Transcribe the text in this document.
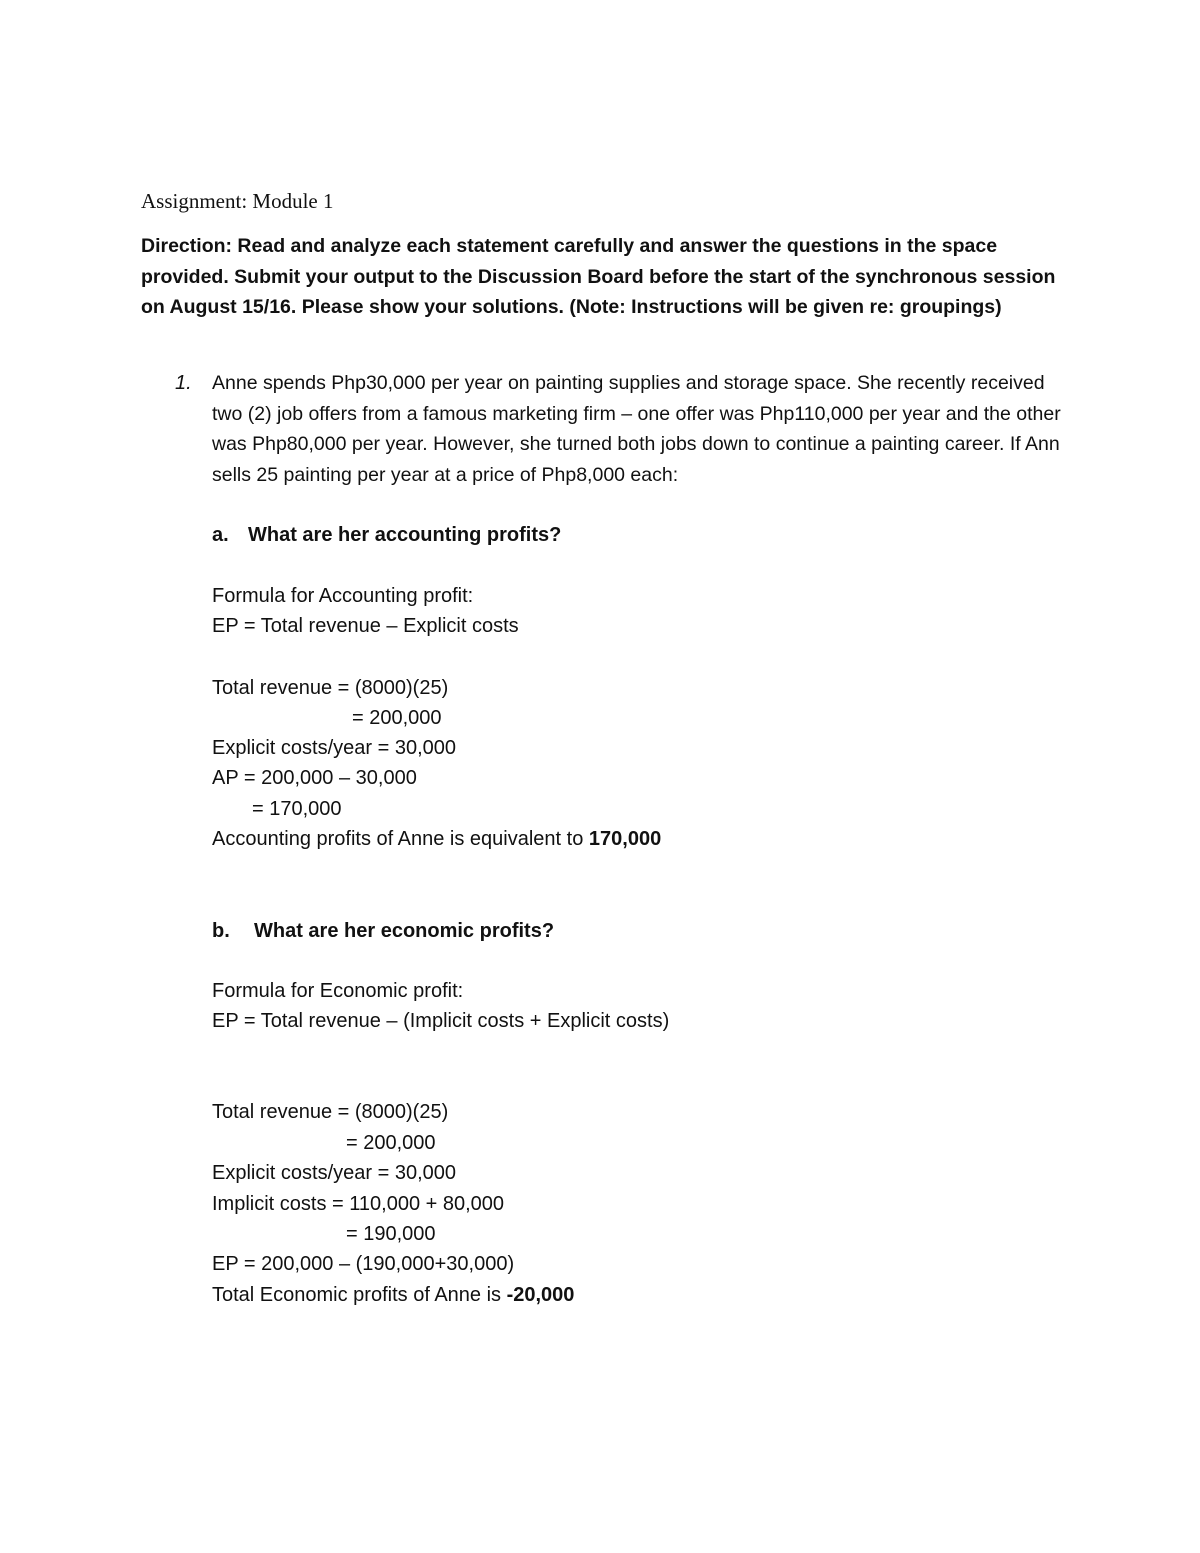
Assignment: Module 1
Direction: Read and analyze each statement carefully and answer the questions in the space provided. Submit your output to the Discussion Board before the start of the synchronous session on August 15/16. Please show your solutions. (Note: Instructions will be given re: groupings)
1. Anne spends Php30,000 per year on painting supplies and storage space. She recently received two (2) job offers from a famous marketing firm – one offer was Php110,000 per year and the other was Php80,000 per year. However, she turned both jobs down to continue a painting career. If Ann sells 25 painting per year at a price of Php8,000 each:
a. What are her accounting profits?
Formula for Accounting profit:
EP = Total revenue – Explicit costs
Total revenue = (8000)(25)
= 200,000
Explicit costs/year = 30,000
AP = 200,000 – 30,000
= 170,000
Accounting profits of Anne is equivalent to 170,000
b. What are her economic profits?
Formula for Economic profit:
EP = Total revenue – (Implicit costs + Explicit costs)
Total revenue = (8000)(25)
= 200,000
Explicit costs/year = 30,000
Implicit costs = 110,000 + 80,000
= 190,000
EP = 200,000 – (190,000+30,000)
Total Economic profits of Anne is -20,000
